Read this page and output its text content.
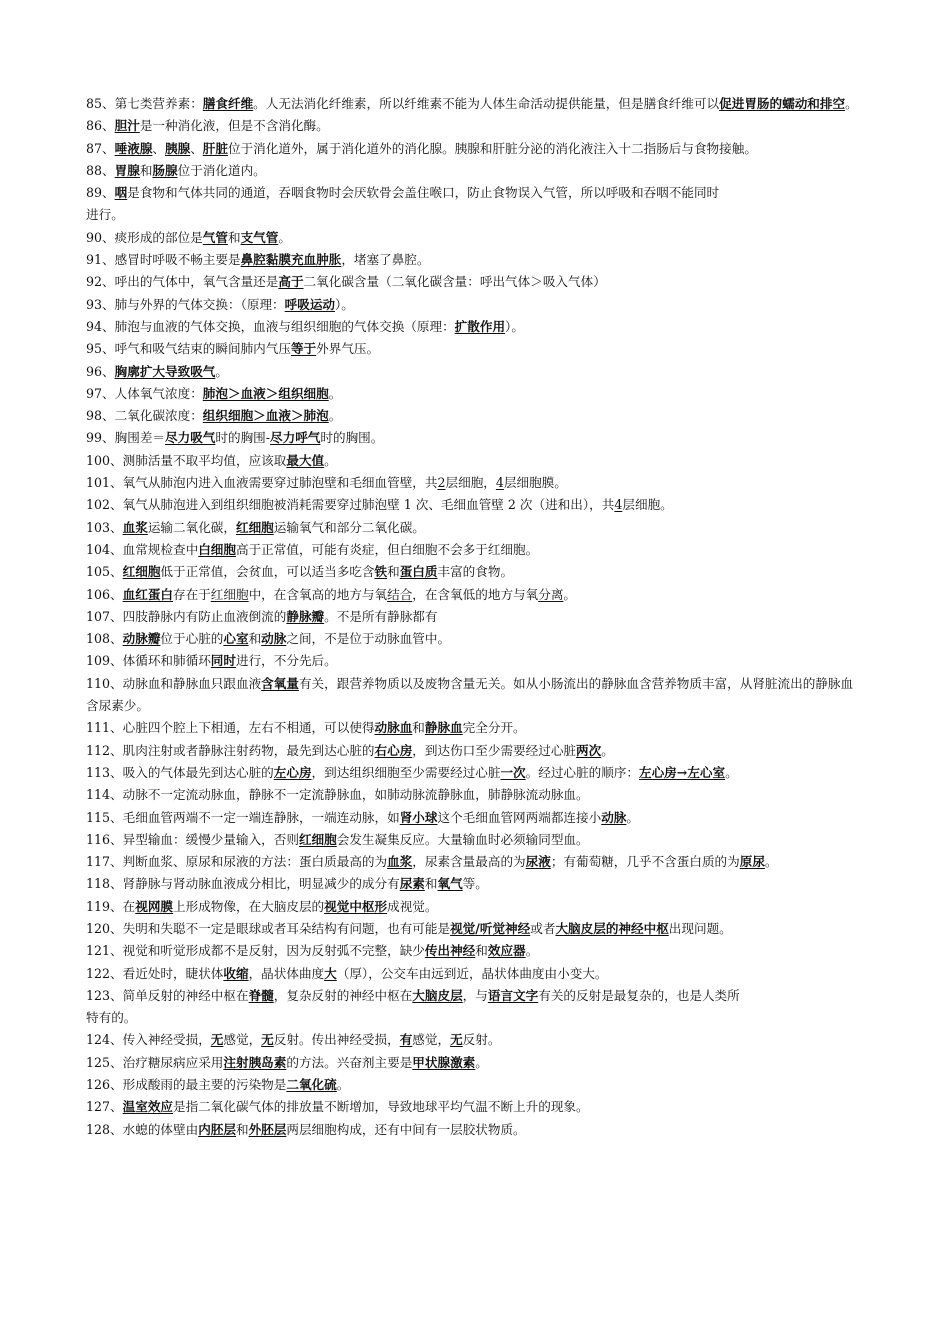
85、第七类营养素：膳食纤维。人无法消化纤维素，所以纤维素不能为人体生命活动提供能量，但是膳食纤维可以促进胃肠的蠕动和排空。
86、胆汁是一种消化液，但是不含消化酶。
87、唾液腺、胰腺、肝脏位于消化道外，属于消化道外的消化腺。胰腺和肝脏分泌的消化液注入十二指肠后与食物接触。
88、胃腺和肠腺位于消化道内。
89、咽是食物和气体共同的通道，吞咽食物时会厌软骨会盖住喉口，防止食物误入气管，所以呼吸和吞咽不能同时
进行。
90、痰形成的部位是气管和支气管。
91、感冒时呼吸不畅主要是鼻腔黏膜充血肿胀，堵塞了鼻腔。
92、呼出的气体中，氧气含量还是高于二氧化碳含量（二氧化碳含量：呼出气体＞吸入气体）
93、肺与外界的气体交换：（原理：呼吸运动）。
94、肺泡与血液的气体交换，血液与组织细胞的气体交换（原理：扩散作用）。
95、呼气和吸气结束的瞬间肺内气压等于外界气压。
96、胸廓扩大导致吸气。
97、人体氧气浓度：肺泡＞血液＞组织细胞。
98、二氧化碳浓度：组织细胞＞血液＞肺泡。
99、胸围差＝尽力吸气时的胸围-尽力呼气时的胸围。
100、测肺活量不取平均值，应该取最大值。
101、氧气从肺泡内进入血液需要穿过肺泡壁和毛细血管壁，共2层细胞，4层细胞膜。
102、氧气从肺泡进入到组织细胞被消耗需要穿过肺泡壁 1 次、毛细血管壁 2 次（进和出），共4层细胞。
103、血浆运输二氧化碳，红细胞运输氧气和部分二氧化碳。
104、血常规检查中白细胞高于正常值，可能有炎症，但白细胞不会多于红细胞。
105、红细胞低于正常值，会贫血，可以适当多吃含铁和蛋白质丰富的食物。
106、血红蛋白存在于红细胞中，在含氧高的地方与氧结合，在含氧低的地方与氧分离。
107、四肢静脉内有防止血液倒流的静脉瓣。不是所有静脉都有
108、动脉瓣位于心脏的心室和动脉之间，不是位于动脉血管中。
109、体循环和肺循环同时进行，不分先后。
110、动脉血和静脉血只跟血液含氧量有关，跟营养物质以及废物含量无关。如从小肠流出的静脉血含营养物质丰富，从肾脏流出的静脉血
含尿素少。
111、心脏四个腔上下相通，左右不相通，可以使得动脉血和静脉血完全分开。
112、肌肉注射或者静脉注射药物，最先到达心脏的右心房，到达伤口至少需要经过心脏两次。
113、吸入的气体最先到达心脏的左心房，到达组织细胞至少需要经过心脏一次。经过心脏的顺序：左心房→左心室。
114、动脉不一定流动脉血，静脉不一定流静脉血，如肺动脉流静脉血，肺静脉流动脉血。
115、毛细血管两端不一定一端连静脉，一端连动脉，如肾小球这个毛细血管网两端都连接小动脉。
116、异型输血：缓慢少量输入，否则红细胞会发生凝集反应。大量输血时必须输同型血。
117、判断血浆、原尿和尿液的方法：蛋白质最高的为血浆，尿素含量最高的为尿液；有葡萄糖，几乎不含蛋白质的为原尿。
118、肾静脉与肾动脉血液成分相比，明显减少的成分有尿素和氧气等。
119、在视网膜上形成物像，在大脑皮层的视觉中枢形成视觉。
120、失明和失聪不一定是眼球或者耳朵结构有问题，也有可能是视觉/听觉神经或者大脑皮层的神经中枢出现问题。
121、视觉和听觉形成都不是反射，因为反射弧不完整，缺少传出神经和效应器。
122、看近处时，睫状体收缩，晶状体曲度大（厚），公交车由远到近，晶状体曲度由小变大。
123、简单反射的神经中枢在脊髓，复杂反射的神经中枢在大脑皮层，与语言文字有关的反射是最复杂的，也是人类所
特有的。
124、传入神经受损，无感觉，无反射。传出神经受损，有感觉，无反射。
125、治疗糖尿病应采用注射胰岛素的方法。兴奋剂主要是甲状腺激素。
126、形成酸雨的最主要的污染物是二氧化硫。
127、温室效应是指二氧化碳气体的排放量不断增加，导致地球平均气温不断上升的现象。
128、水螅的体壁由内胚层和外胚层两层细胞构成，还有中间有一层胶状物质。
